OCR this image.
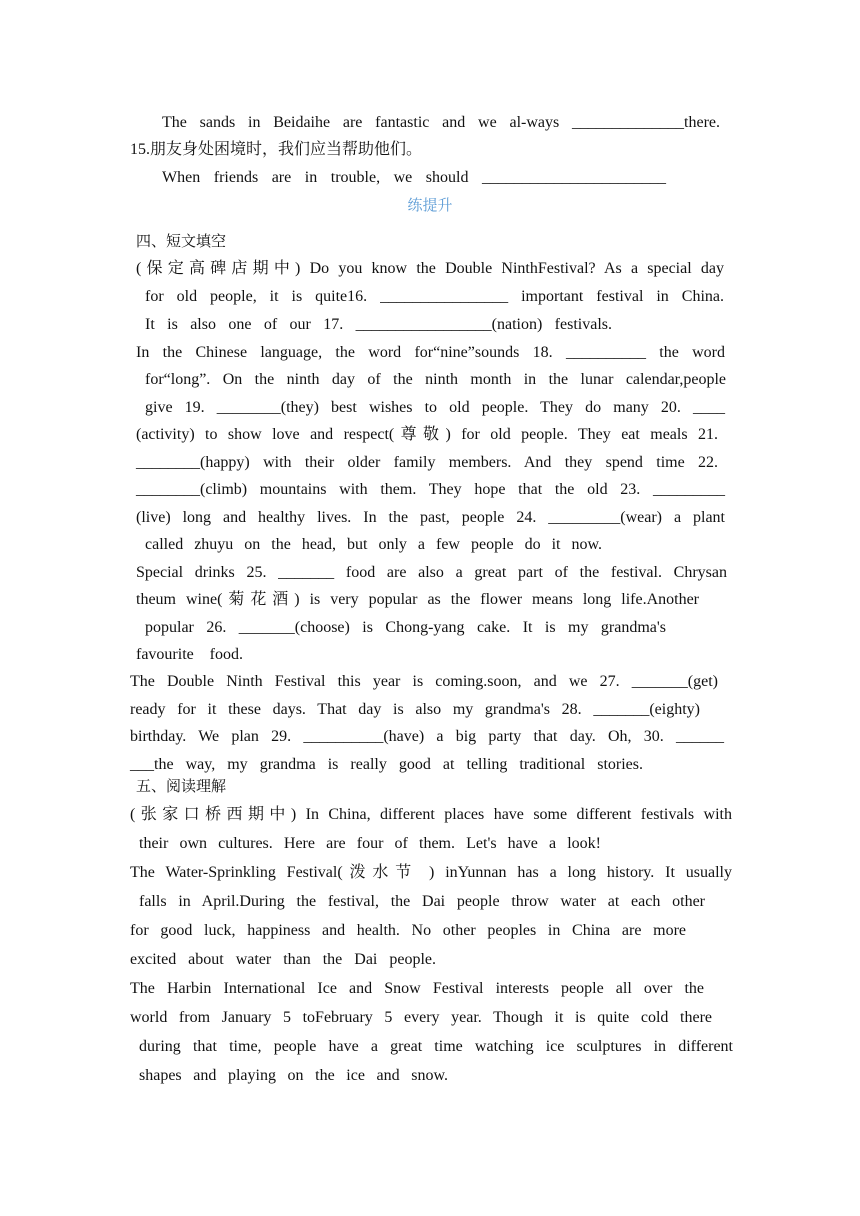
The sands in Beidaihe are fantastic and we al-ways ______________there.
15.朋友身处困境时，我们应当帮助他们。
When friends are in trouble, we should _______________________
练提升
四、短文填空
(保定高碑店期中) Do you know the Double NinthFestival? As a special day
for old people, it is quite16. ________________ important festival in China.
It is also one of our 17. _________________(nation) festivals.
In the Chinese language, the word for“nine”sounds 18. __________ the word
for“long”. On the ninth day of the ninth month in the lunar calendar,people
give 19. ________(they) best wishes to old people. They do many 20. ____
(activity) to show love and respect(尊敬) for old people. They eat meals 21.
________(happy) with their older family members. And they spend time 22.
________(climb) mountains with them. They hope that the old 23. _________
(live) long and healthy lives. In the past, people 24. _________(wear) a plant
called zhuyu on the head, but only a few people do it now.
Special drinks 25. _______ food are also a great part of the festival. Chrysan
theum wine(菊花酒) is very popular as the flower means long life.Another
popular 26. _______(choose) is Chong-yang cake. It is my grandma's
favourite food.
The Double Ninth Festival this year is coming.soon, and we 27. _______(get)
ready for it these days. That day is also my grandma's 28. _______(eighty)
birthday. We plan 29. __________(have) a big party that day. Oh, 30. ______
___the way, my grandma is really good at telling traditional stories.
五、阅读理解
(张家口桥西期中) In China, different places have some different festivals with
their own cultures. Here are four of them. Let's have a look!
The Water-Sprinkling Festival(泼水节 ) inYunnan has a long history. It usually
falls in April.During the festival, the Dai people throw water at each other
for good luck, happiness and health. No other peoples in China are more
excited about water than the Dai people.
The Harbin International Ice and Snow Festival interests people all over the
world from January 5 toFebruary 5 every year. Though it is quite cold there
during that time, people have a great time watching ice sculptures in different
shapes and playing on the ice and snow.
